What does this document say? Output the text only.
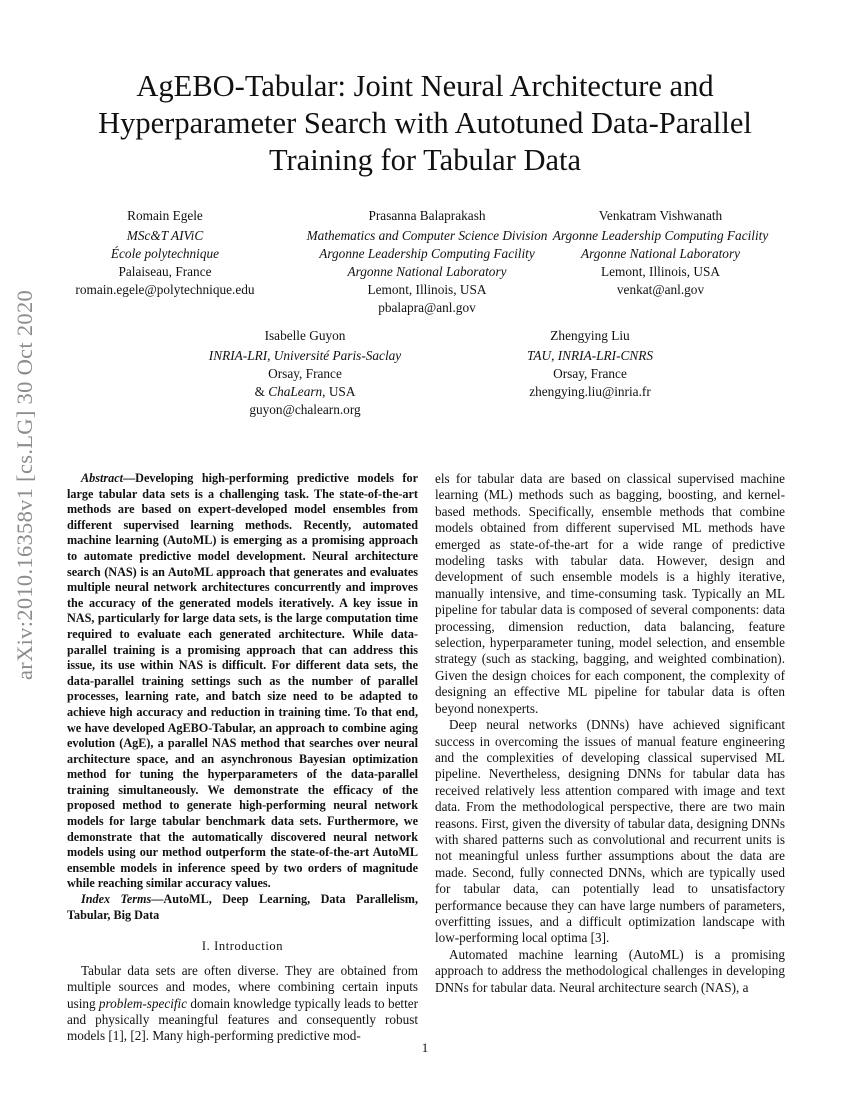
arXiv:2010.16358v1 [cs.LG] 30 Oct 2020
AgEBO-Tabular: Joint Neural Architecture and Hyperparameter Search with Autotuned Data-Parallel Training for Tabular Data
Romain Egele
MSc&T AIViC
École polytechnique
Palaiseau, France
romain.egele@polytechnique.edu
Prasanna Balaprakash
Mathematics and Computer Science Division
Argonne Leadership Computing Facility
Argonne National Laboratory
Lemont, Illinois, USA
pbalapra@anl.gov
Venkatram Vishwanath
Argonne Leadership Computing Facility
Argonne National Laboratory
Lemont, Illinois, USA
venkat@anl.gov
Isabelle Guyon
INRIA-LRI, Université Paris-Saclay
Orsay, France
& ChaLearn, USA
guyon@chalearn.org
Zhengying Liu
TAU, INRIA-LRI-CNRS
Orsay, France
zhengying.liu@inria.fr

Abstract—Developing high-performing predictive models for large tabular data sets is a challenging task. The state-of-the-art methods are based on expert-developed model ensembles from different supervised learning methods. Recently, automated machine learning (AutoML) is emerging as a promising approach to automate predictive model development. Neural architecture search (NAS) is an AutoML approach that generates and evaluates multiple neural network architectures concurrently and improves the accuracy of the generated models iteratively. A key issue in NAS, particularly for large data sets, is the large computation time required to evaluate each generated architecture. While data-parallel training is a promising approach that can address this issue, its use within NAS is difficult. For different data sets, the data-parallel training settings such as the number of parallel processes, learning rate, and batch size need to be adapted to achieve high accuracy and reduction in training time. To that end, we have developed AgEBO-Tabular, an approach to combine aging evolution (AgE), a parallel NAS method that searches over neural architecture space, and an asynchronous Bayesian optimization method for tuning the hyperparameters of the data-parallel training simultaneously. We demonstrate the efficacy of the proposed method to generate high-performing neural network models for large tabular benchmark data sets. Furthermore, we demonstrate that the automatically discovered neural network models using our method outperform the state-of-the-art AutoML ensemble models in inference speed by two orders of magnitude while reaching similar accuracy values.

Index Terms—AutoML, Deep Learning, Data Parallelism, Tabular, Big Data

I. Introduction

Tabular data sets are often diverse. They are obtained from multiple sources and modes, where combining certain inputs using problem-specific domain knowledge typically leads to better and physically meaningful features and consequently robust models [1], [2]. Many high-performing predictive mod-

els for tabular data are based on classical supervised machine learning (ML) methods such as bagging, boosting, and kernel-based methods. Specifically, ensemble methods that combine models obtained from different supervised ML methods have emerged as state-of-the-art for a wide range of predictive modeling tasks with tabular data. However, design and development of such ensemble models is a highly iterative, manually intensive, and time-consuming task. Typically an ML pipeline for tabular data is composed of several components: data processing, dimension reduction, data balancing, feature selection, hyperparameter tuning, model selection, and ensemble strategy (such as stacking, bagging, and weighted combination). Given the design choices for each component, the complexity of designing an effective ML pipeline for tabular data is often beyond nonexperts.

Deep neural networks (DNNs) have achieved significant success in overcoming the issues of manual feature engineering and the complexities of developing classical supervised ML pipeline. Nevertheless, designing DNNs for tabular data has received relatively less attention compared with image and text data. From the methodological perspective, there are two main reasons. First, given the diversity of tabular data, designing DNNs with shared patterns such as convolutional and recurrent units is not meaningful unless further assumptions about the data are made. Second, fully connected DNNs, which are typically used for tabular data, can potentially lead to unsatisfactory performance because they can have large numbers of parameters, overfitting issues, and a difficult optimization landscape with low-performing local optima [3].

Automated machine learning (AutoML) is a promising approach to address the methodological challenges in developing DNNs for tabular data. Neural architecture search (NAS), a

1
